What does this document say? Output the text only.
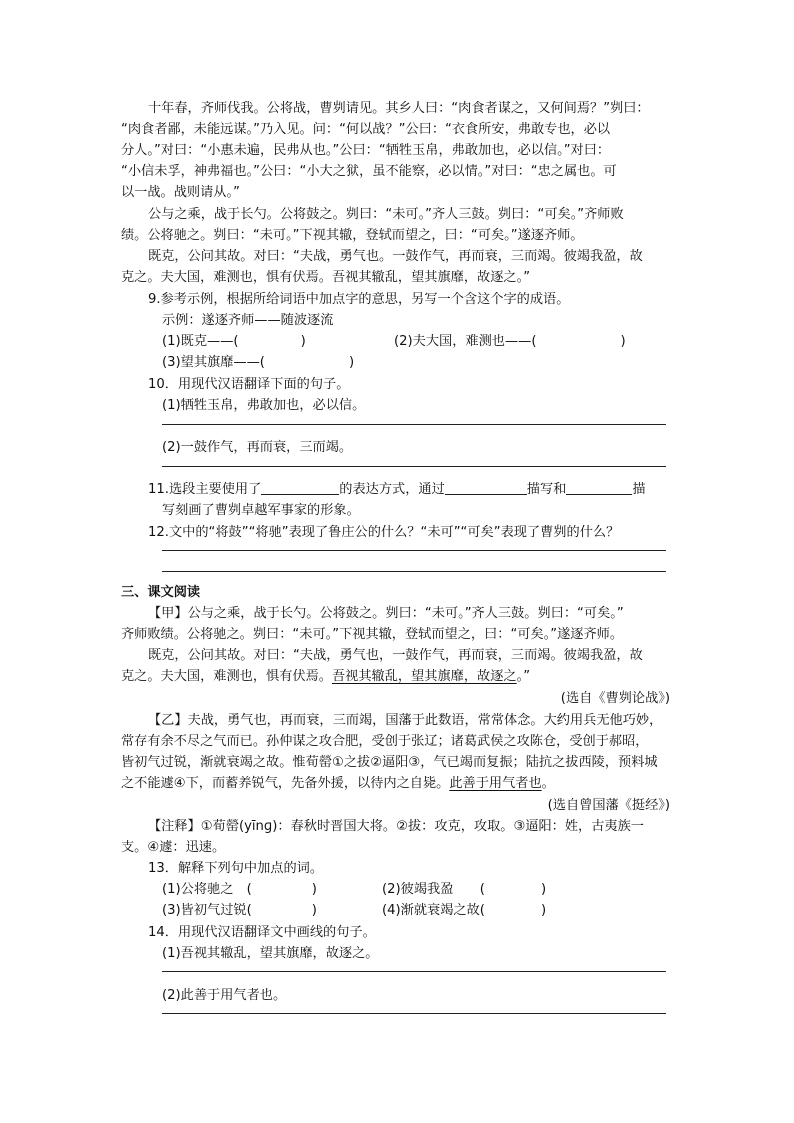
十年春，齐师伐我。公将战，曹刿请见。其乡人曰：“肉食者谋之，又何间焉？”刿曰：
“肉食者鄙，未能远谋。”乃入见。问：“何以战？”公曰：“衣食所安，弗敢专也，必以
分人。”对曰：“小惠未遍，民弗从也。”公曰：“牺牲玉帛，弗敢加也，必以信。”对曰：
“小信未孚，神弗福也。”公曰：“小大之狱，虽不能察，必以情。”对曰：“忠之属也。可
以一战。战则请从。”
公与之乘，战于长勺。公将鼓之。刿曰：“未可。”齐人三鼓。刿曰：“可矣。”齐师败
绩。公将驰之。刿曰：“未可。”下视其辙，登轼而望之，曰：“可矣。”遂逐齐师。
既克，公问其故。对曰：“夫战，勇气也。一鼓作气，再而衰，三而竭。彼竭我盈，故
克之。夫大国，难测也，惧有伏焉。吾视其辙乱，望其旗靡，故逐之。”
9.参考示例，根据所给词语中加点字的意思，另写一个含这个字的成语。
示例：遂逐齐师——随波逐流
(1)既克——(	)	(2)夫大国，难测也——(	)
(3)望其旗靡——(	)
10．用现代汉语翻译下面的句子。
(1)牺牲玉帛，弗敢加也，必以信。
(2)一鼓作气，再而衰，三而竭。
11.选段主要使用了	的表达方式，通过	描写和	描
写刻画了曹刿卓越军事家的形象。
12.文中的“将鼓”“将驰”表现了鲁庄公的什么？“未可”“可矣”表现了曹刿的什么？
三、课文阅读
【甲】公与之乘，战于长勺。公将鼓之。刿曰：“未可。”齐人三鼓。刿曰：“可矣。”
齐师败绩。公将驰之。刿曰：“未可。”下视其辙，登轼而望之，曰：“可矣。”遂逐齐师。
既克，公问其故。对曰：“夫战，勇气也，一鼓作气，再而衰，三而竭。彼竭我盈，故
克之。夫大国，难测也，惧有伏焉。吾视其辙乱，望其旗靡，故逐之。”
(选自《曹刿论战》)
【乙】夫战，勇气也，再而衰，三而竭，国藩于此数语，常常体念。大约用兵无他巧妙，
常存有余不尽之气而已。孙仲谋之攻合肥，受创于张辽；诸葛武侯之攻陈仓，受创于郝昭，
皆初气过锐，渐就衰竭之故。惟荀罃①之拔②逼阳③，气已竭而复振；陆抗之拔西陵，预料城
之不能遽④下，而蓄养锐气，先备外援，以待内之自毙。此善于用气者也。
(选自曾国藩《挺经》)
【注释】①荀罃(yīnɡ)：春秋时晋国大将。②拔：攻克，攻取。③逼阳：姓，古夷族一
支。④遽：迅速。
13．解释下列句中加点的词。
(1)公将驰之　(	)	(2)彼竭我盈　　(	)
(3)皆初气过锐(	)	(4)渐就衰竭之故(	)
14．用现代汉语翻译文中画线的句子。
(1)吾视其辙乱，望其旗靡，故逐之。
(2)此善于用气者也。
